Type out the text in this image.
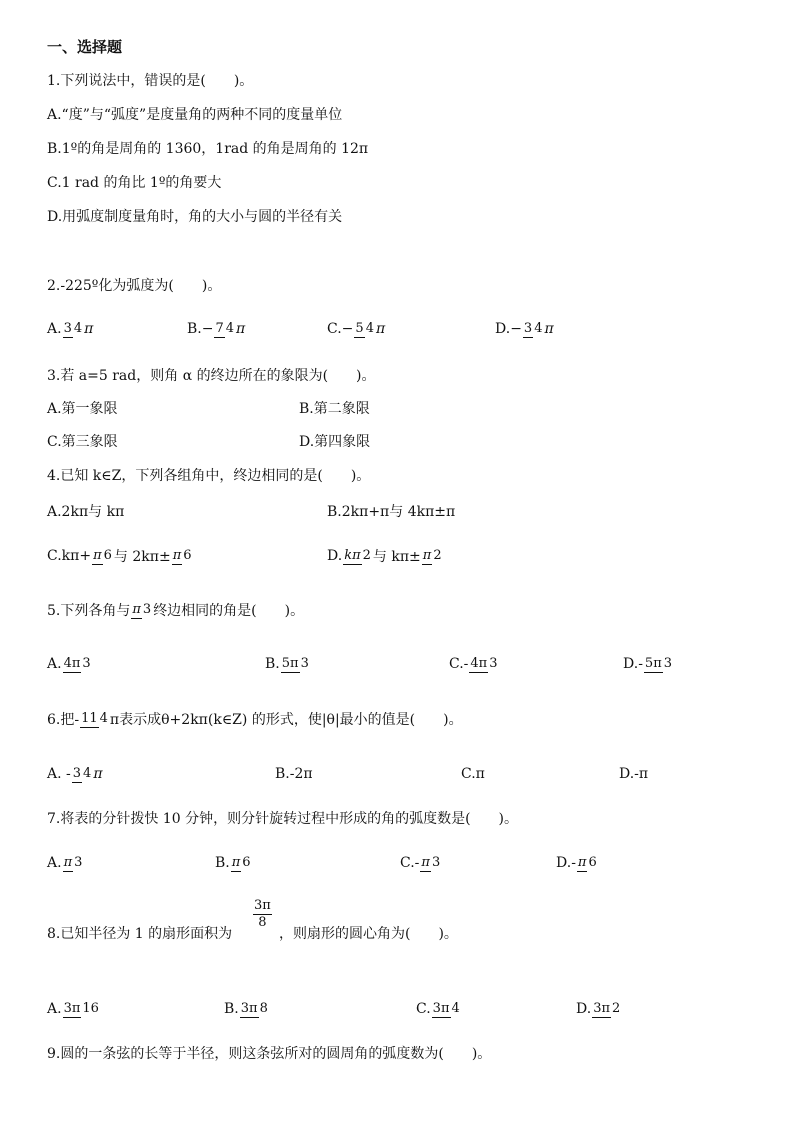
一、选择题
1.下列说法中，错误的是(　　)。
A.“度”与“弧度”是度量角的两种不同的度量单位
B.1º的角是周角的 1360，1rad 的角是周角的 12π
C.1 rad 的角比 1º的角要大
D.用弧度制度量角时，角的大小与圆的半径有关
2.-225º化为弧度为(　　)。
A. 3 4 π	B. − 7 4 π	C. − 5 4 π	D. − 3 4 π
3.若 a=5 rad，则角 α 的终边所在的象限为(　　)。
A.第一象限	B.第二象限
C.第三象限	D.第四象限
4.已知 k∈Z，下列各组角中，终边相同的是(　　)。
A.2kπ与 kπ	B.2kπ+π与 4kπ±π
C.kπ+ π 6 与 2kπ± π 6	D. kπ 2 与 kπ± π 2
5.下列各角与 π 3 终边相同的角是(　　)。
A. 4π 3	B. 5π 3	C. - 4π 3	D. - 5π 3
6.把- 11 4 π表示成θ+2kπ(k∈Z) 的形式，使|θ|最小的值是(　　)。
A. - 3 4 π	B.-2π	C.π	D.-π
7.将表的分针拨快 10 分钟，则分针旋转过程中形成的角的弧度数是(　　)。
A. π 3	B. π 6	C. - π 3	D. - π 6
8.已知半径为 1 的扇形面积为
$\frac{3\pi}{8}$
，则扇形的圆心角为(　　)。
A. 3π 16	B. 3π 8	C. 3π 4	D. 3π 2
9.圆的一条弦的长等于半径，则这条弦所对的圆周角的弧度数为(　　)。
